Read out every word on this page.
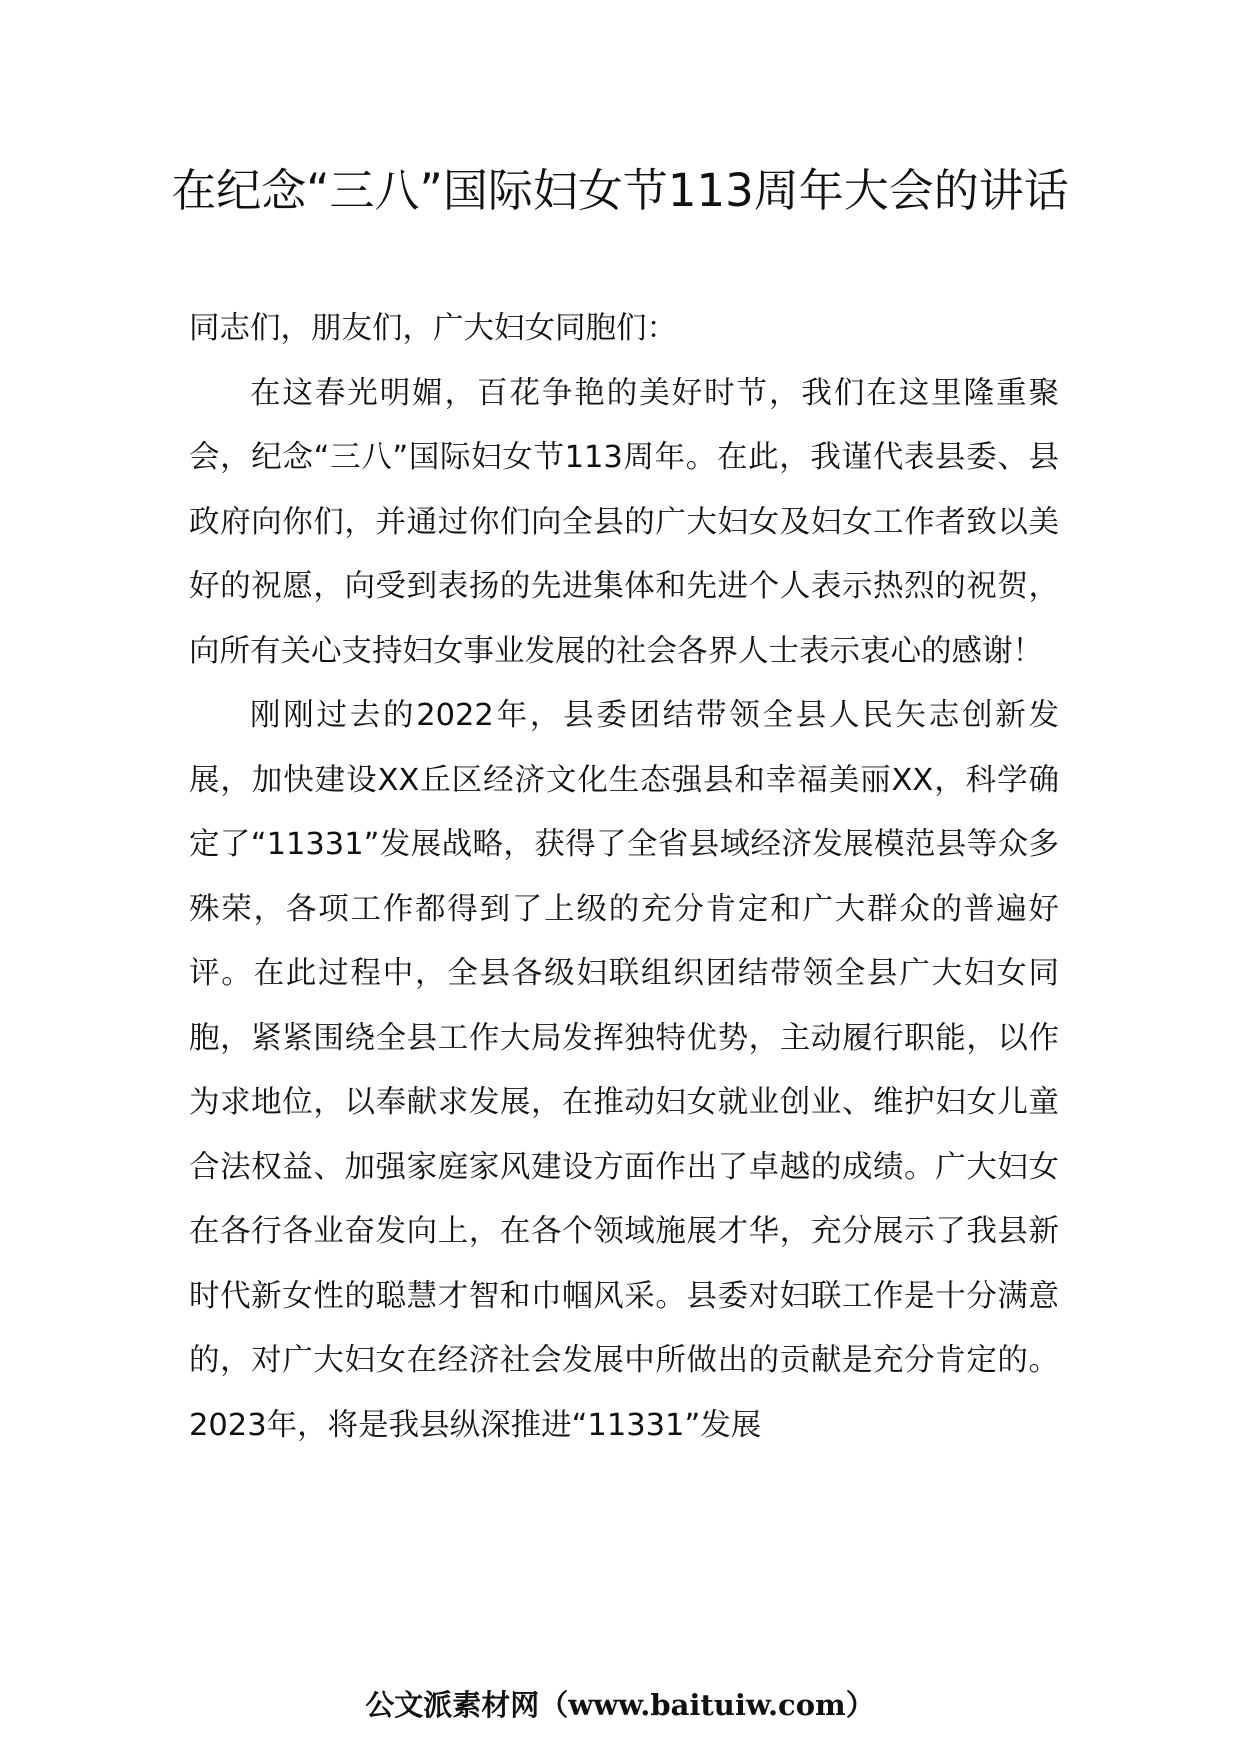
在纪念“三八”国际妇女节113周年大会的讲话

同志们，朋友们，广大妇女同胞们：

在这春光明媚，百花争艳的美好时节，我们在这里隆重聚会，纪念“三八”国际妇女节113周年。在此，我谨代表县委、县政府向你们，并通过你们向全县的广大妇女及妇女工作者致以美好的祝愿，向受到表扬的先进集体和先进个人表示热烈的祝贺，向所有关心支持妇女事业发展的社会各界人士表示衷心的感谢！

刚刚过去的2022年，县委团结带领全县人民矢志创新发展，加快建设XX丘区经济文化生态强县和幸福美丽XX，科学确定了“11331”发展战略，获得了全省县域经济发展模范县等众多殊荣，各项工作都得到了上级的充分肯定和广大群众的普遍好评。在此过程中，全县各级妇联组织团结带领全县广大妇女同胞，紧紧围绕全县工作大局发挥独特优势，主动履行职能，以作为求地位，以奉献求发展，在推动妇女就业创业、维护妇女儿童合法权益、加强家庭家风建设方面作出了卓越的成绩。广大妇女在各行各业奋发向上，在各个领域施展才华，充分展示了我县新时代新女性的聪慧才智和巾帼风采。县委对妇联工作是十分满意的，对广大妇女在经济社会发展中所做出的贡献是充分肯定的。2023年，将是我县纵深推进“11331”发展

公文派素材网（www.baituiw.com）
